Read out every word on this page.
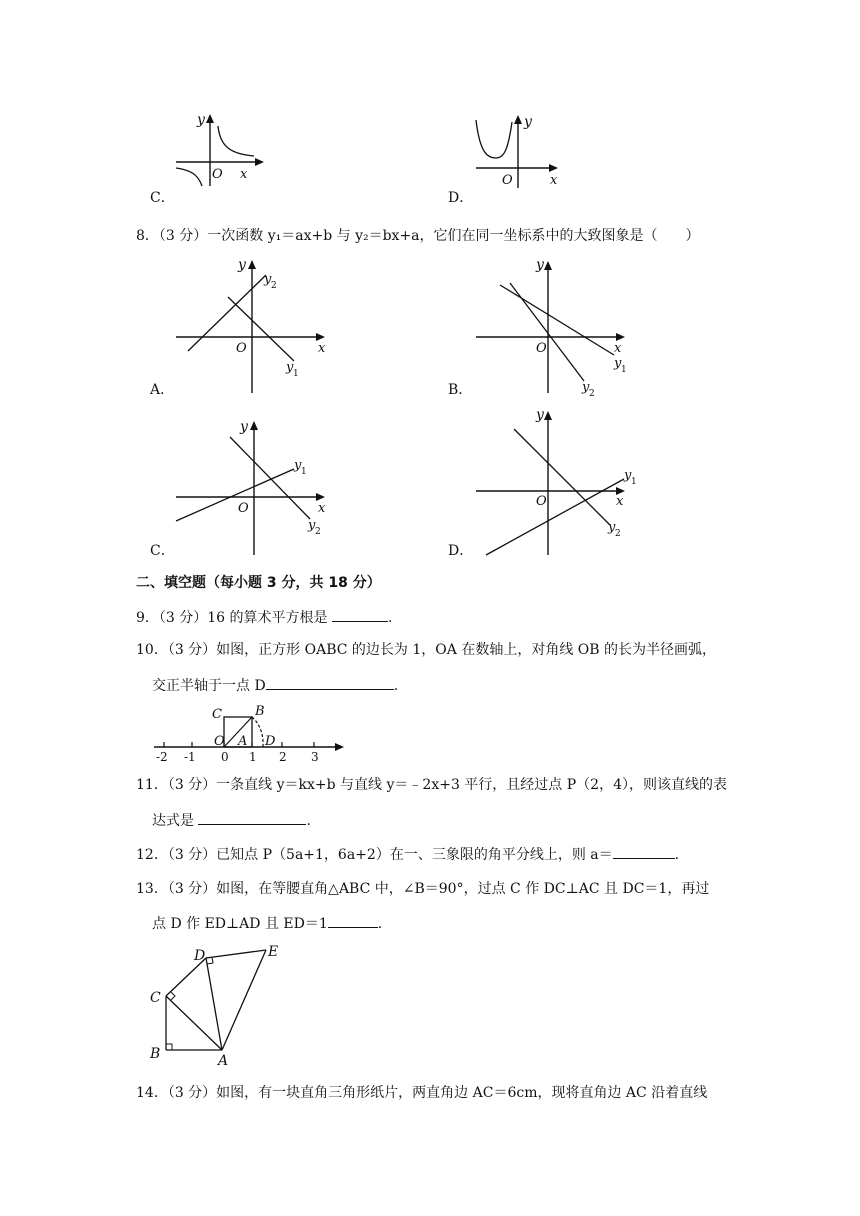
C．
y
O x
D．
y
O	x
8．（3 分）一次函数 y₁＝ax+b 与 y₂＝bx+a，它们在同一坐标系中的大致图象是（　　）
A．
y
O	x
y 2
y 1
B．
y
O	x
y 1
y 2
C．
y
O	x
y 1
y 2
D．
y
O	x
y 1
y 2
二、填空题（每小题 3 分，共 18 分）
9．（3 分）16 的算术平方根是	.
10．（3 分）如图，正方形 OABC 的边长为 1，OA 在数轴上，对角线 OB 的长为半径画弧，
交正半轴于一点 D	.
C	B
O A D
-2 -1 0 1 2 3
11．（3 分）一条直线 y＝kx+b 与直线 y＝﹣2x+3 平行，且经过点 P（2，4），则该直线的表
达式是	.
12．（3 分）已知点 P（5a+1，6a+2）在一、三象限的角平分线上，则 a＝	.
13．（3 分）如图，在等腰直角△ABC 中，∠B＝90°，过点 C 作 DC⊥AC 且 DC＝1，再过
点 D 作 ED⊥AD 且 ED＝1	.
B	A
C
D	E
14．（3 分）如图，有一块直角三角形纸片，两直角边 AC＝6cm，现将直角边 AC 沿着直线
